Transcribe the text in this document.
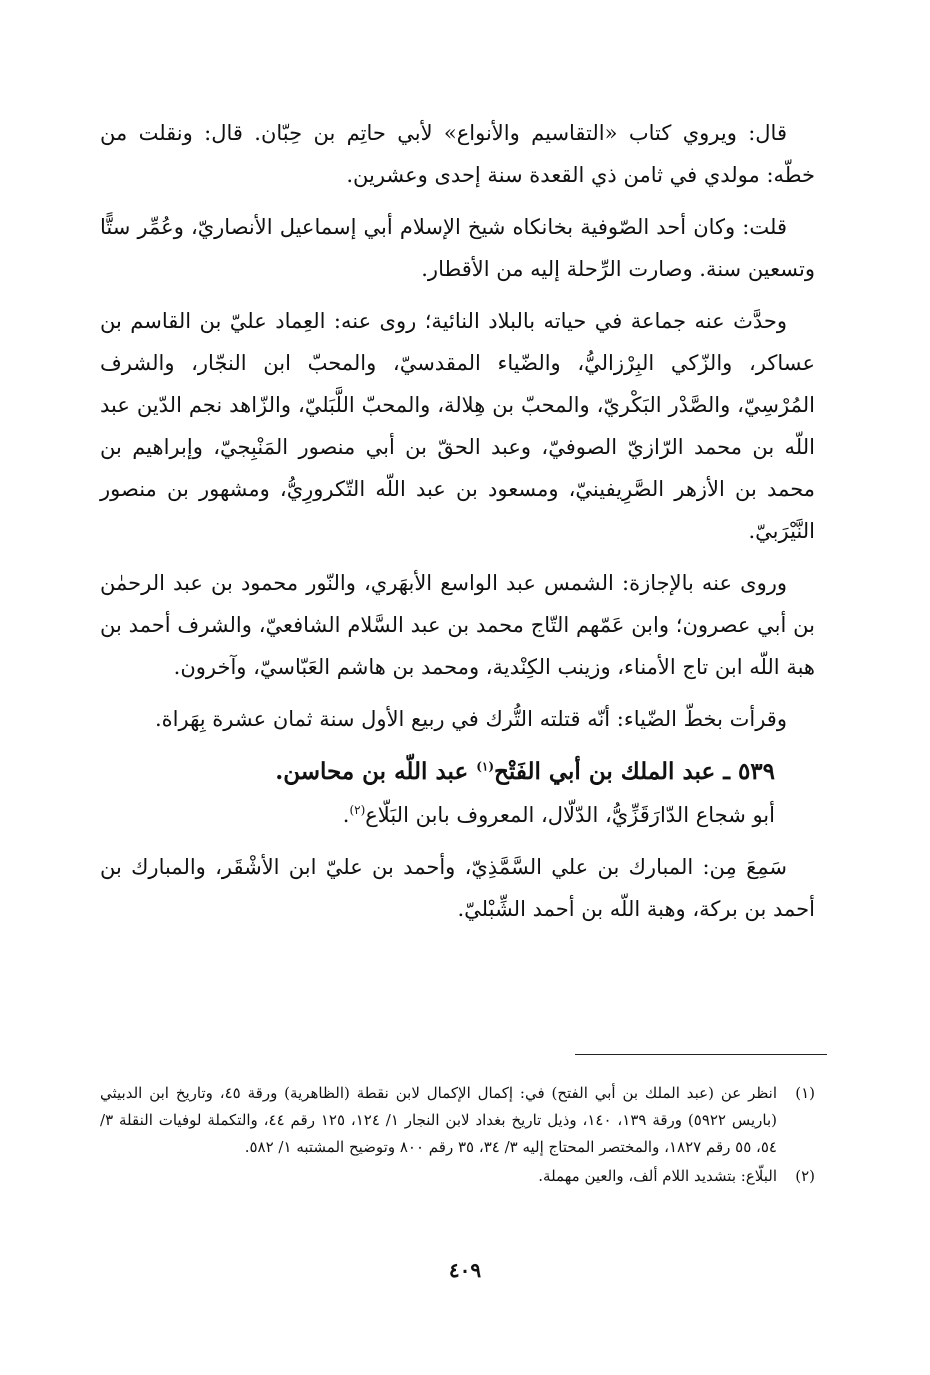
قال: ويروي كتاب «التقاسيم والأنواع» لأبي حاتِم بن حِبّان. قال: ونقلت من خطّه: مولدي في ثامن ذي القعدة سنة إحدى وعشرين.

قلت: وكان أحد الصّوفية بخانكاه شيخ الإسلام أبي إسماعيل الأنصاريّ، وعُمِّر ستًّا وتسعين سنة. وصارت الرِّحلة إليه من الأقطار.

وحدَّث عنه جماعة في حياته بالبلاد النائية؛ روى عنه: العِماد عليّ بن القاسم بن عساكر، والزّكي البِرْزاليُّ، والضّياء المقدسيّ، والمحبّ ابن النجّار، والشرف المُرْسِيّ، والصَّدْر البَكْريّ، والمحبّ بن هِلالة، والمحبّ اللَّبَليّ، والزّاهد نجم الدّين عبد اللّه بن محمد الرّازيّ الصوفيّ، وعبد الحقّ بن أبي منصور المَنْبِجيّ، وإبراهيم بن محمد بن الأزهر الصَّرِيفينيّ، ومسعود بن عبد اللّه التّكرورِيُّ، ومشهور بن منصور النَّيْرَبيّ.

وروى عنه بالإجازة: الشمس عبد الواسع الأبهَري، والنّور محمود بن عبد الرحمٰن بن أبي عصرون؛ وابن عَمّهم التّاج محمد بن عبد السَّلام الشافعيّ، والشرف أحمد بن هبة اللّه ابن تاج الأمناء، وزينب الكِنْدية، ومحمد بن هاشم العَبّاسيّ، وآخرون.

وقرأت بخطّ الضّياء: أنّه قتلته التُّرك في ربيع الأول سنة ثمان عشرة بِهَراة.

٥٣٩ ـ عبد الملك بن أبي الفَتْح$^{(١)}$ عبد اللّه بن محاسن.
أبو شجاع الدّارَقَزِّيُّ، الدّلّال، المعروف بابن البَلّاع$^{(٢)}$.

سَمِعَ مِن: المبارك بن علي السَّمَّذِيّ، وأحمد بن عليّ ابن الأشْقَر، والمبارك بن أحمد بن بركة، وهبة اللّه بن أحمد الشِّبْليّ.

(١)
انظر عن (عبد الملك بن أبي الفتح) في: إكمال الإكمال لابن نقطة (الظاهرية) ورقة ٤٥، وتاريخ ابن الدبيثي (باريس ٥٩٢٢) ورقة ١٣٩، ١٤٠، وذيل تاريخ بغداد لابن النجار ١/ ١٢٤، ١٢٥ رقم ٤٤، والتكملة لوفيات النقلة ٣/ ٥٤، ٥٥ رقم ١٨٢٧، والمختصر المحتاج إليه ٣/ ٣٤، ٣٥ رقم ٨٠٠ وتوضيح المشتبه ١/ ٥٨٢.
(٢)
البلّاع: بتشديد اللام ألف، والعين مهملة.
٤٠٩
